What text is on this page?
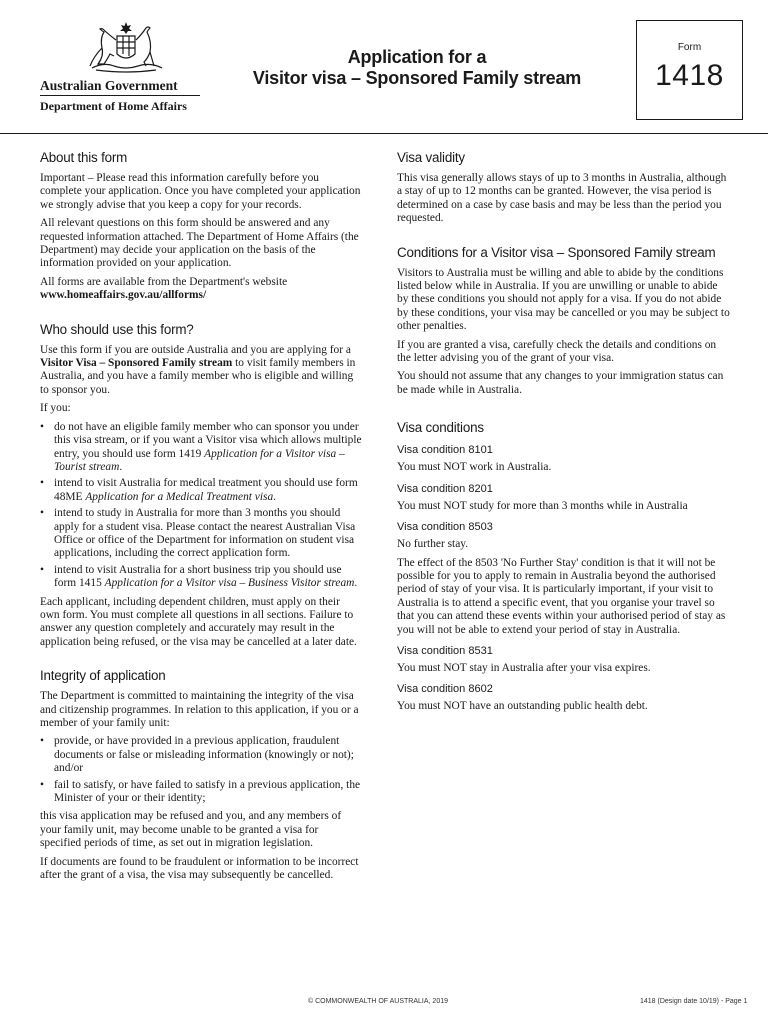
Australian Government
Department of Home Affairs
Application for a
Visitor visa – Sponsored Family stream
Form
1418
About this form

Important – Please read this information carefully before you complete your application. Once you have completed your application we strongly advise that you keep a copy for your records.

All relevant questions on this form should be answered and any requested information attached. The Department of Home Affairs (the Department) may decide your application on the basis of the information provided on your application.

All forms are available from the Department's website
www.homeaffairs.gov.au/allforms/

Who should use this form?

Use this form if you are outside Australia and you are applying for a Visitor Visa – Sponsored Family stream to visit family members in Australia, and you have a family member who is eligible and willing to sponsor you.

If you:

• do not have an eligible family member who can sponsor you under this visa stream, or if you want a Visitor visa which allows multiple entry, you should use form 1419 Application for a Visitor visa – Tourist stream.
• intend to visit Australia for medical treatment you should use form 48ME Application for a Medical Treatment visa.
• intend to study in Australia for more than 3 months you should apply for a student visa. Please contact the nearest Australian Visa Office or office of the Department for information on student visa applications, including the correct application form.
• intend to visit Australia for a short business trip you should use form 1415 Application for a Visitor visa – Business Visitor stream.

Each applicant, including dependent children, must apply on their own form. You must complete all questions in all sections. Failure to answer any question completely and accurately may result in the application being refused, or the visa may be cancelled at a later date.

Integrity of application

The Department is committed to maintaining the integrity of the visa and citizenship programmes. In relation to this application, if you or a member of your family unit:

• provide, or have provided in a previous application, fraudulent documents or false or misleading information (knowingly or not); and/or
• fail to satisfy, or have failed to satisfy in a previous application, the Minister of your or their identity;

this visa application may be refused and you, and any members of your family unit, may become unable to be granted a visa for specified periods of time, as set out in migration legislation.

If documents are found to be fraudulent or information to be incorrect after the grant of a visa, the visa may subsequently be cancelled.

Visa validity

This visa generally allows stays of up to 3 months in Australia, although a stay of up to 12 months can be granted. However, the visa period is determined on a case by case basis and may be less than the period you requested.

Conditions for a Visitor visa – Sponsored Family stream

Visitors to Australia must be willing and able to abide by the conditions listed below while in Australia. If you are unwilling or unable to abide by these conditions you should not apply for a visa. If you do not abide by these conditions, your visa may be cancelled or you may be subject to other penalties.

If you are granted a visa, carefully check the details and conditions on the letter advising you of the grant of your visa.

You should not assume that any changes to your immigration status can be made while in Australia.

Visa conditions
Visa condition 8101

You must NOT work in Australia.

Visa condition 8201

You must NOT study for more than 3 months while in Australia

Visa condition 8503

No further stay.

The effect of the 8503 'No Further Stay' condition is that it will not be possible for you to apply to remain in Australia beyond the authorised period of stay of your visa. It is particularly important, if your visit to Australia is to attend a specific event, that you organise your travel so that you can attend these events within your authorised period of stay as you will not be able to extend your period of stay in Australia.

Visa condition 8531

You must NOT stay in Australia after your visa expires.

Visa condition 8602

You must NOT have an outstanding public health debt.

© COMMONWEALTH OF AUSTRALIA, 2019	1418 (Design date 10/19) - Page 1
